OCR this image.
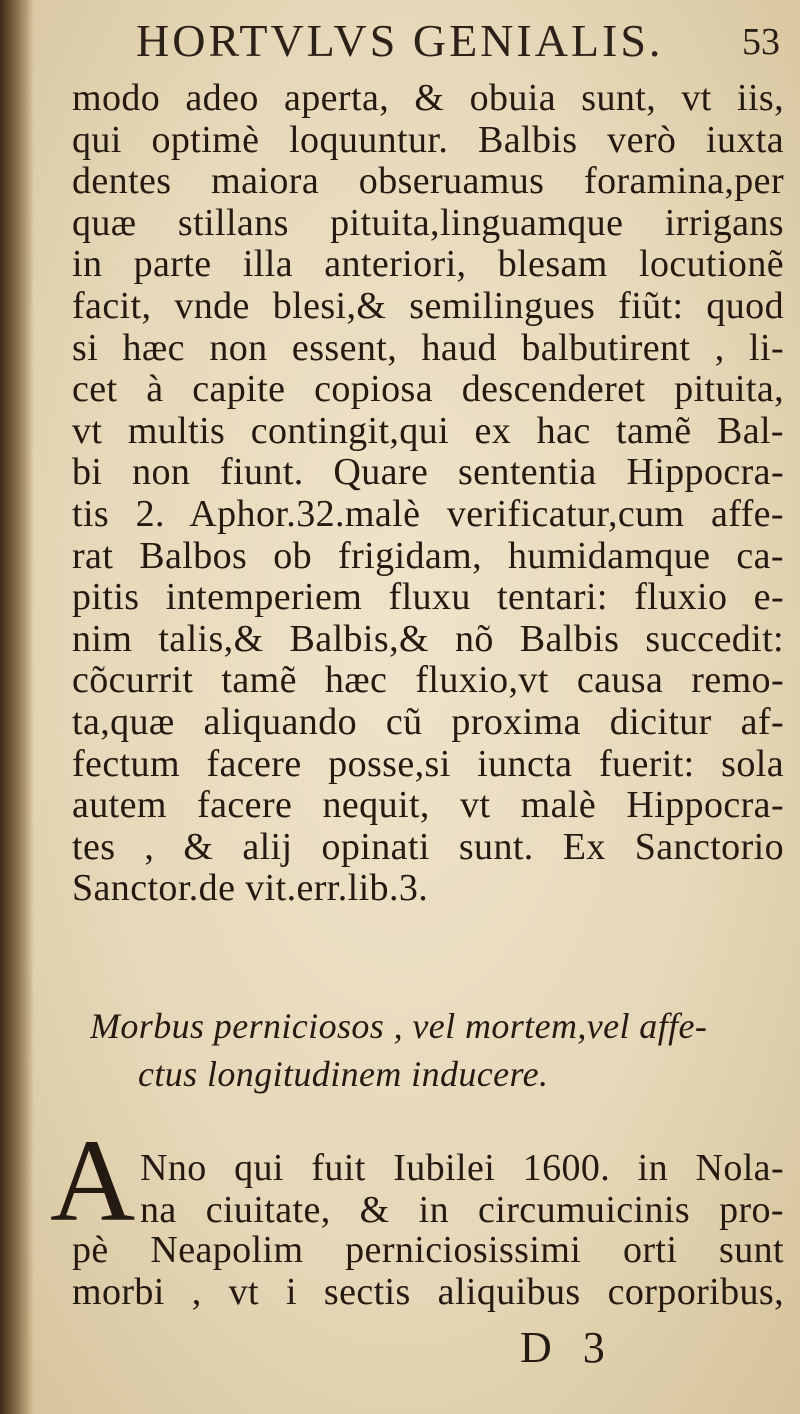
HORTVLVS GENIALIS. 53
modo adeo aperta, & obuia sunt, vt iis,
qui optimè loquuntur. Balbis verò iuxta
dentes maiora obseruamus foramina,per
quæ stillans pituita,linguamque irrigans
in parte illa anteriori, blesam locutionẽ
facit, vnde blesi,& semilingues fiũt: quod
si hæc non essent, haud balbutirent , li-
cet à capite copiosa descenderet pituita,
vt multis contingit,qui ex hac tamẽ Bal-
bi non fiunt. Quare sententia Hippocra-
tis 2. Aphor.32.malè verificatur,cum affe-
rat Balbos ob frigidam, humidamque ca-
pitis intemperiem fluxu tentari: fluxio e-
nim talis,& Balbis,& nõ Balbis succedit:
cõcurrit tamẽ hæc fluxio,vt causa remo-
ta,quæ aliquando cũ proxima dicitur af-
fectum facere posse,si iuncta fuerit: sola
autem facere nequit, vt malè Hippocra-
tes , & alij opinati sunt. Ex Sanctorio
Sanctor.de vit.err.lib.3.
Morbus perniciosos , vel mortem,vel affe-
ctus longitudinem inducere.
A Nno qui fuit Iubilei 1600. in Nola-
na ciuitate, & in circumuicinis pro-
pè Neapolim perniciosissimi orti sunt
morbi , vt i sectis aliquibus corporibus,
D 3
